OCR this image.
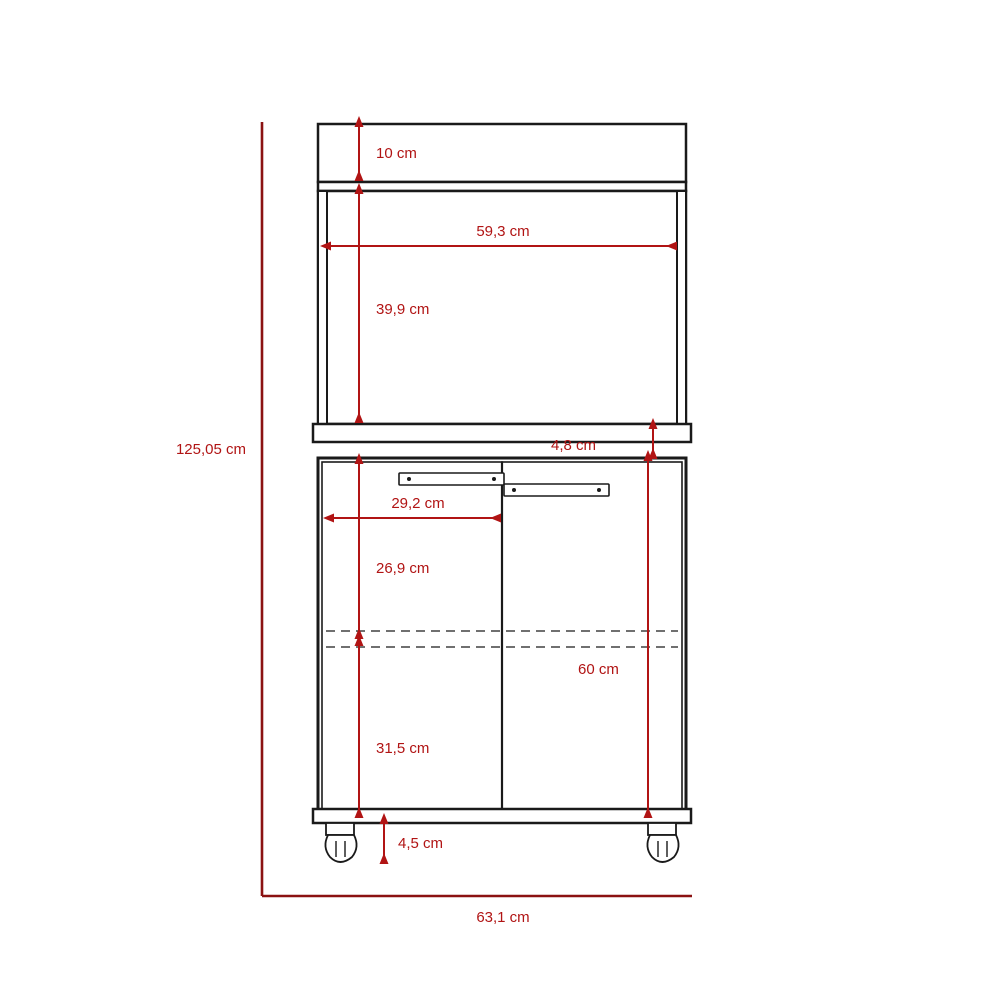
125,05 cm
10 cm
59,3 cm
39,9 cm
4,8 cm
29,2 cm
26,9 cm
31,5 cm
60 cm
4,5 cm
63,1 cm
